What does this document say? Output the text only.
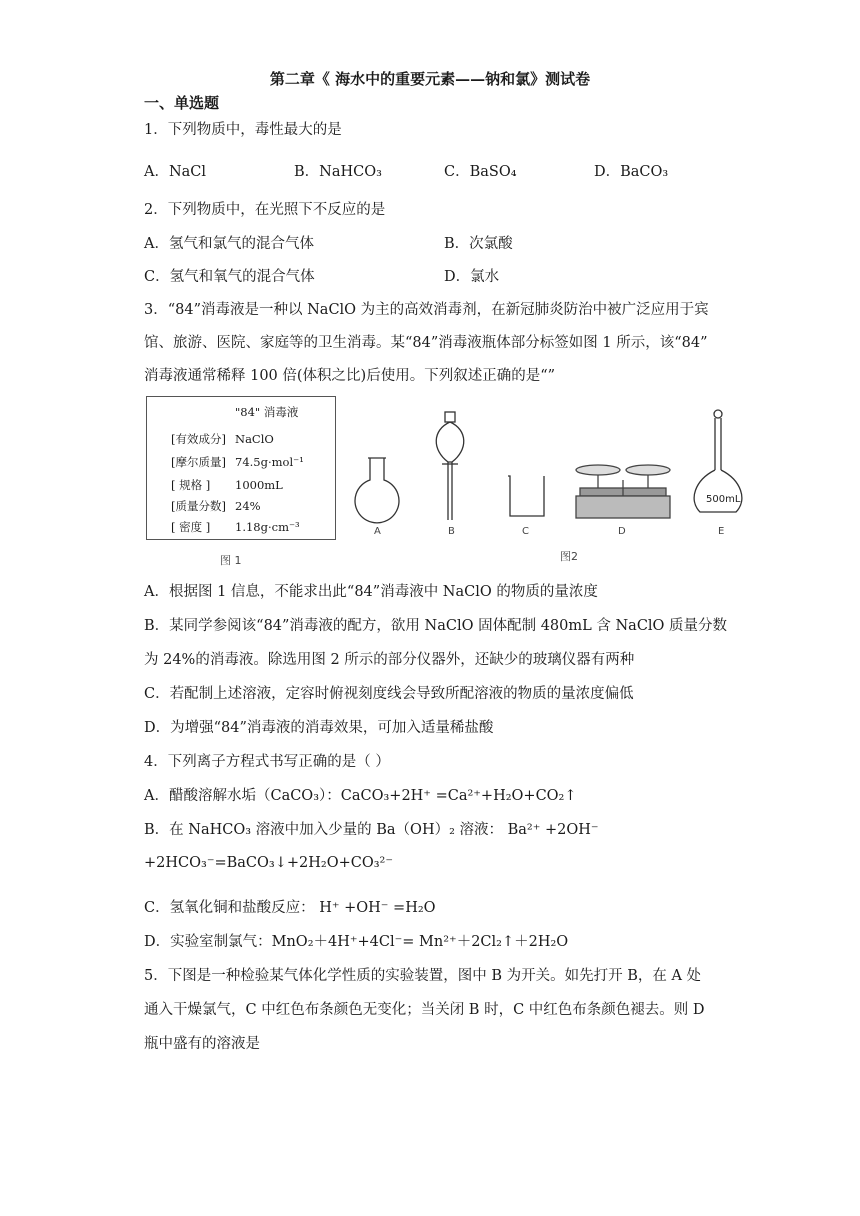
第二章《 海水中的重要元素——钠和氯》测试卷
一、单选题
1．下列物质中，毒性最大的是
A．NaCl	B．NaHCO₃	C．BaSO₄	D．BaCO₃
2．下列物质中，在光照下不反应的是
A．氢气和氯气的混合气体	B．次氯酸
C．氢气和氧气的混合气体	D．氯水
3．“84”消毒液是一种以 NaClO 为主的高效消毒剂，在新冠肺炎防治中被广泛应用于宾
馆、旅游、医院、家庭等的卫生消毒。某“84”消毒液瓶体部分标签如图 1 所示，该“84”
消毒液通常稀释 100 倍(体积之比)后使用。下列叙述正确的是“”
"84" 消毒液
[有效成分] NaClO
[摩尔质量] 74.5g·mol⁻¹
[ 规格 ] 1000mL
[质量分数] 24%
[ 密度 ] 1.18g·cm⁻³
图 1
500mL
A	B	C	D	E
图2
A．根据图 1 信息，不能求出此“84”消毒液中 NaClO 的物质的量浓度
B．某同学参阅该“84”消毒液的配方，欲用 NaClO 固体配制 480mL 含 NaClO 质量分数
为 24%的消毒液。除选用图 2 所示的部分仪器外，还缺少的玻璃仪器有两种
C．若配制上述溶液，定容时俯视刻度线会导致所配溶液的物质的量浓度偏低
D．为增强“84”消毒液的消毒效果，可加入适量稀盐酸
4．下列离子方程式书写正确的是（ ）
A．醋酸溶解水垢（CaCO₃）：CaCO₃+2H⁺ =Ca²⁺+H₂O+CO₂↑
B．在 NaHCO₃ 溶液中加入少量的 Ba（OH）₂ 溶液： Ba²⁺ +2OH⁻
+2HCO₃⁻=BaCO₃↓+2H₂O+CO₃²⁻
C．氢氧化铜和盐酸反应： H⁺ +OH⁻ =H₂O
D．实验室制氯气：MnO₂＋4H⁺+4Cl⁻= Mn²⁺＋2Cl₂↑＋2H₂O
5．下图是一种检验某气体化学性质的实验装置，图中 B 为开关。如先打开 B，在 A 处
通入干燥氯气，C 中红色布条颜色无变化；当关闭 B 时，C 中红色布条颜色褪去。则 D
瓶中盛有的溶液是
